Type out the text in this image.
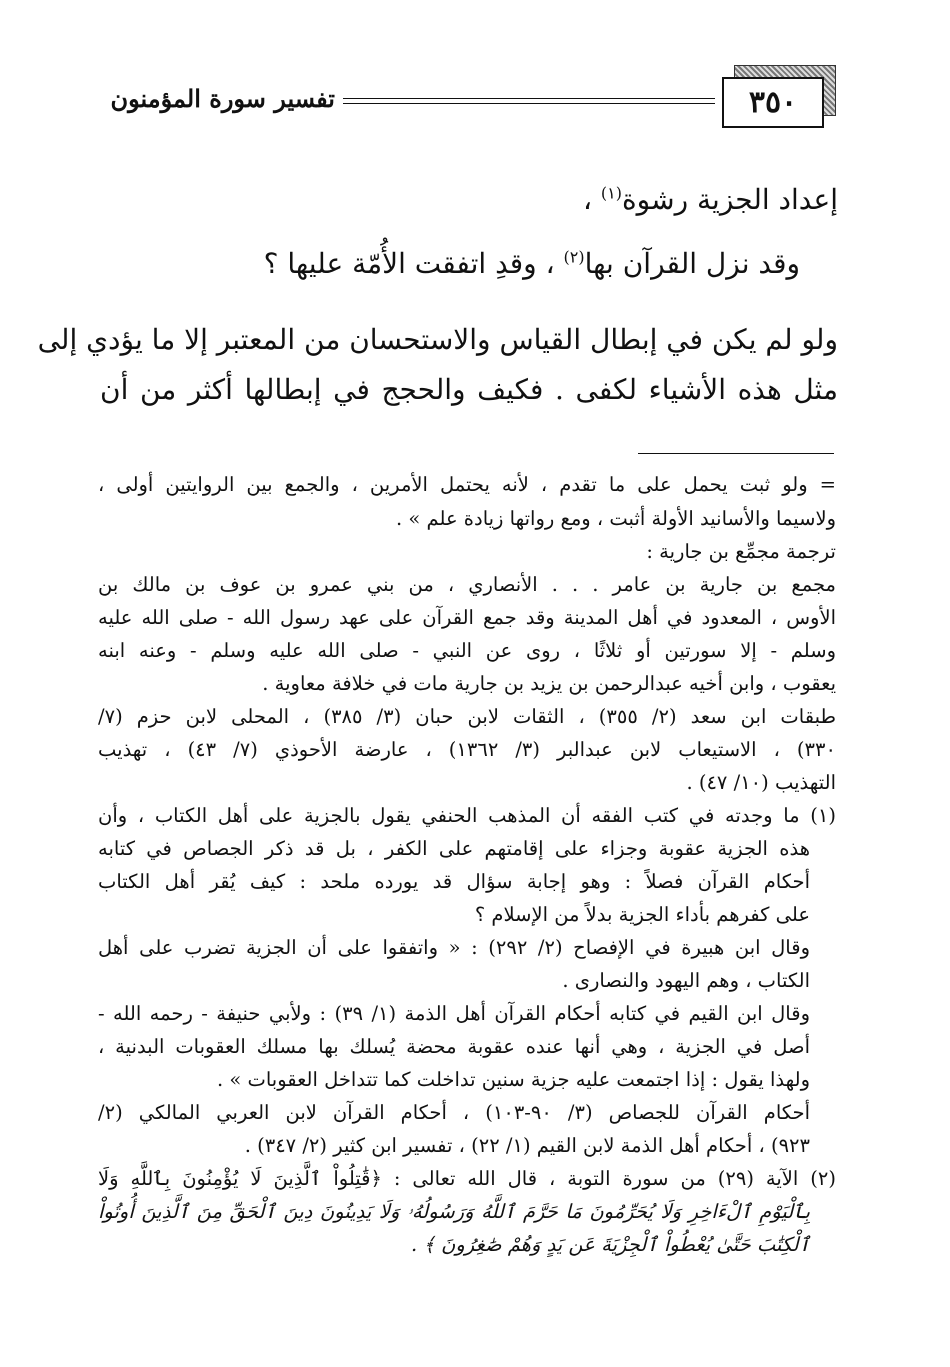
٣٥٠
تفسير سورة المؤمنون
إعداد الجزية رشوة$^{(١)}$ ،
وقد نزل القرآن بها$^{(٢)}$ ، وقدِ اتفقت الأُمّة عليها ؟
ولو لم يكن في إبطال القياس والاستحسان من المعتبر إلا ما يؤدي إلى
مثل هذه الأشياء لكفى . فكيف والحجج في إبطالها أكثر من أن
= ولو ثبت يحمل على ما تقدم ، لأنه يحتمل الأمرين ، والجمع بين الروايتين أولى ،
ولاسيما والأسانيد الأولة أثبت ، ومع رواتها زيادة علم » .
ترجمة مجمِّع بن جارية :
مجمع بن جارية بن عامر . . . الأنصاري ، من بني عمرو بن عوف بن مالك بن
الأوس ، المعدود في أهل المدينة وقد جمع القرآن على عهد رسول الله - صلى الله عليه
وسلم - إلا سورتين أو ثلاثًا ، روى عن النبي - صلى الله عليه وسلم - وعنه ابنه
يعقوب ، وابن أخيه عبدالرحمن بن يزيد بن جارية مات في خلافة معاوية .
طبقات ابن سعد (٢/ ٣٥٥) ، الثقات لابن حبان (٣/ ٣٨٥) ، المحلى لابن حزم (٧/
٣٣٠) ، الاستيعاب لابن عبدالبر (٣/ ١٣٦٢) ، عارضة الأحوذي (٧/ ٤٣) ، تهذيب
التهذيب (١٠/ ٤٧) .
(١) ما وجدته في كتب الفقه أن المذهب الحنفي يقول بالجزية على أهل الكتاب ، وأن
هذه الجزية عقوبة وجزاء على إقامتهم على الكفر ، بل قد ذكر الجصاص في كتابه
أحكام القرآن فصلاً : وهو إجابة سؤال قد يورده ملحد : كيف يُقر أهل الكتاب
على كفرهم بأداء الجزية بدلاً من الإسلام ؟
وقال ابن هبيرة في الإفصاح (٢/ ٢٩٢) : « واتفقوا على أن الجزية تضرب على أهل
الكتاب ، وهم اليهود والنصارى .
وقال ابن القيم في كتابه أحكام القرآن أهل الذمة (١/ ٣٩) : ولأبي حنيفة - رحمه الله -
أصل في الجزية ، وهي أنها عنده عقوبة محضة يُسلك بها مسلك العقوبات البدنية ،
ولهذا يقول : إذا اجتمعت عليه جزية سنين تداخلت كما تتداخل العقوبات » .
أحكام القرآن للجصاص (٣/ ٩٠-١٠٣) ، أحكام القرآن لابن العربي المالكي (٢/
٩٢٣) ، أحكام أهل الذمة لابن القيم (١/ ٢٢) ، تفسير ابن كثير (٢/ ٣٤٧) .
(٢) الآية (٢٩) من سورة التوبة ، قال الله تعالى : ﴿قَٰتِلُواْ ٱلَّذِينَ لَا يُؤْمِنُونَ بِٱللَّهِ وَلَا
بِٱلْيَوْمِ ٱلْءَاخِرِ وَلَا يُحَرِّمُونَ مَا حَرَّمَ ٱللَّهُ وَرَسُولُهُۥ وَلَا يَدِينُونَ دِينَ ٱلْحَقِّ مِنَ ٱلَّذِينَ أُوتُواْ
ٱلْكِتَٰبَ حَتَّىٰ يُعْطُواْ ٱلْجِزْيَةَ عَن يَدٍ وَهُمْ صَٰغِرُونَ ﴾ .
